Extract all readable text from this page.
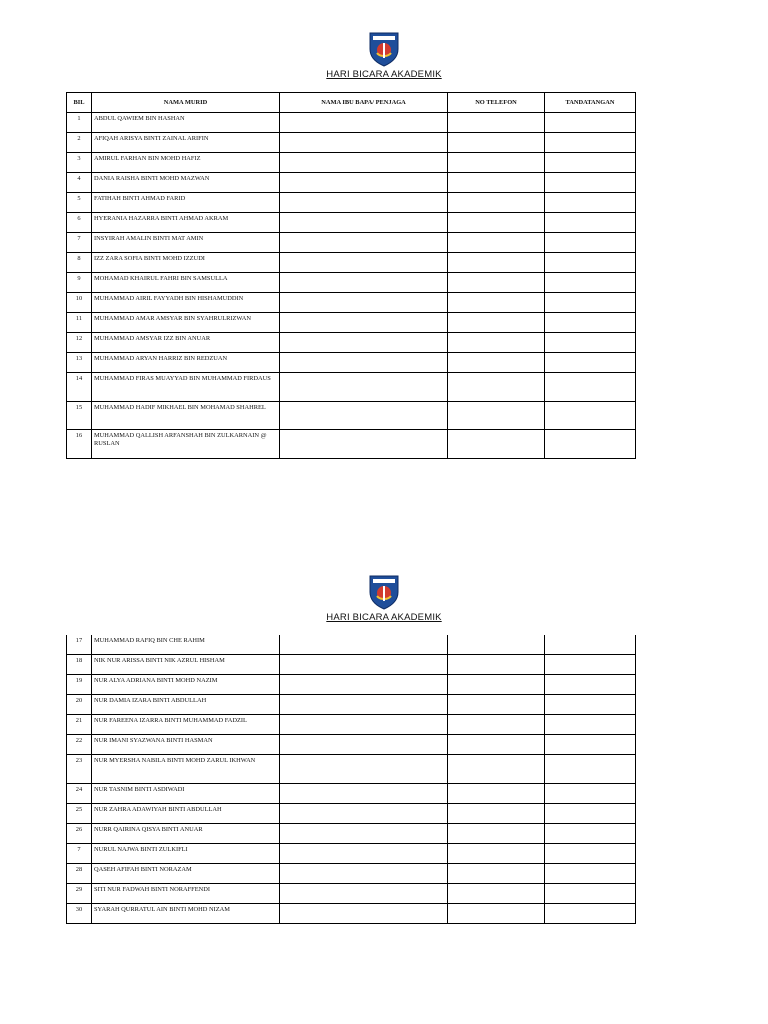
HARI BICARA AKADEMIK
BIL	NAMA MURID	NAMA IBU BAPA/ PENJAGA	NO TELEFON	TANDATANGAN
1	ABDUL QAWIEM BIN HASHAN			
2	AFIQAH ARISYA BINTI ZAINAL ARIFIN			
3	AMIRUL FARHAN BIN MOHD HAFIZ			
4	DANIA RAISHA BINTI MOHD MAZWAN			
5	FATIHAH BINTI AHMAD FARID			
6	HYERANIA HAZARRA BINTI AHMAD AKRAM			
7	INSYIRAH AMALIN BINTI MAT AMIN			
8	IZZ ZARA SOFIA BINTI MOHD IZZUDI			
9	MOHAMAD KHAIRUL FAHRI BIN SAMSULLA			
10	MUHAMMAD AIRIL FAYYADH BIN HISHAMUDDIN			
11	MUHAMMAD AMAR AMSYAR BIN SYAHRULRIZWAN			
12	MUHAMMAD AMSYAR IZZ BIN ANUAR			
13	MUHAMMAD ARYAN HARRIZ BIN REDZUAN			
14	MUHAMMAD FIRAS MUAYYAD BIN MUHAMMAD FIRDAUS			
15	MUHAMMAD HADIF MIKHAEL BIN MOHAMAD SHAHREL			
16	MUHAMMAD QALLISH ARFANSHAH BIN ZULKARNAIN @ RUSLAN			
HARI BICARA AKADEMIK
17	MUHAMMAD RAFIQ BIN CHE RAHIM			
18	NIK NUR ARISSA BINTI NIK AZRUL HISHAM			
19	NUR ALYA ADRIANA BINTI MOHD NAZIM			
20	NUR DAMIA IZARA BINTI ABDULLAH			
21	NUR FAREENA IZARRA BINTI MUHAMMAD FADZIL			
22	NUR IMANI SYAZWANA BINTI HASMAN			
23	NUR MYERSHA NABILA BINTI MOHD ZARUL IKHWAN			
24	NUR TASNIM BINTI ASDIWADI			
25	NUR ZAHRA ADAWIYAH BINTI ABDULLAH			
26	NURR QAIRINA QISYA BINTI ANUAR			
7	NURUL NAJWA BINTI ZULKIFLI			
28	QASEH AFIFAH BINTI NORAZAM			
29	SITI NUR FADWAH BINTI NORAFFENDI			
30	SYARAH QURRATUL AIN BINTI MOHD NIZAM			
